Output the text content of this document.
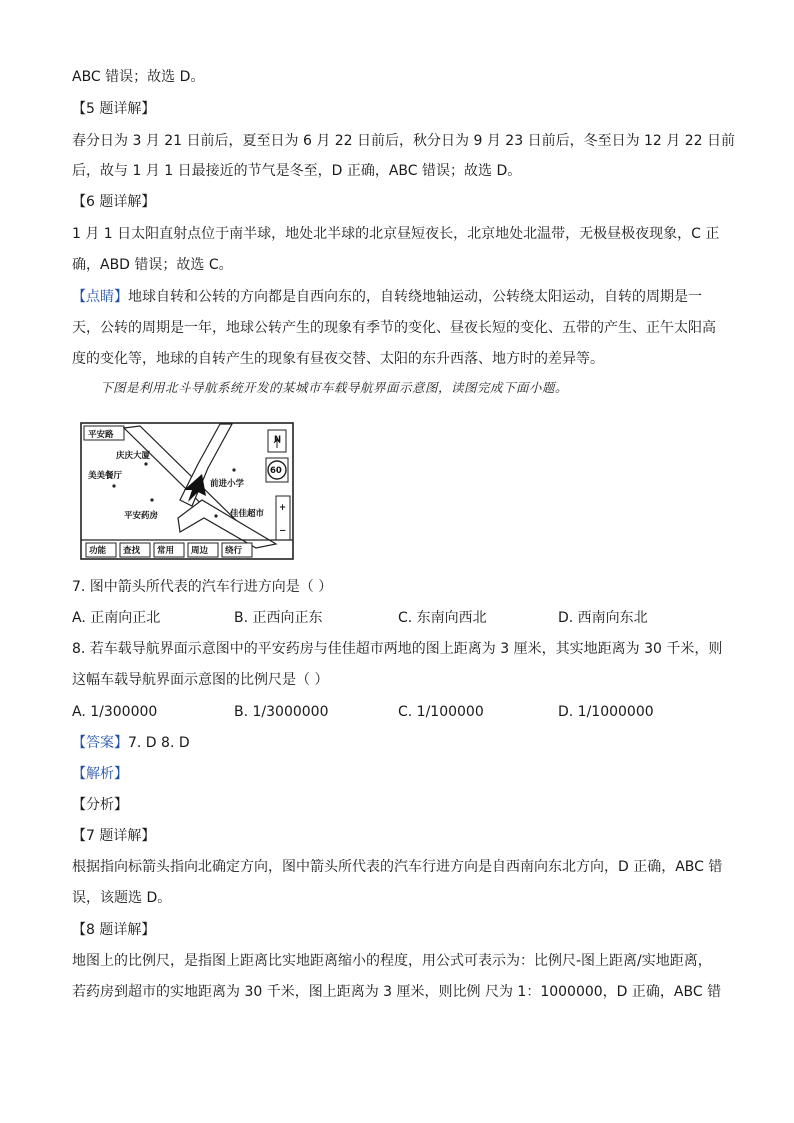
ABC 错误；故选 D。
【5 题详解】
春分日为 3 月 21 日前后，夏至日为 6 月 22 日前后，秋分日为 9 月 23 日前后，冬至日为 12 月 22 日前
后，故与 1 月 1 日最接近的节气是冬至，D 正确，ABC 错误；故选 D。
【6 题详解】
1 月 1 日太阳直射点位于南半球，地处北半球的北京昼短夜长，北京地处北温带，无极昼极夜现象，C 正
确，ABD 错误；故选 C。
【点睛】地球自转和公转的方向都是自西向东的，自转绕地轴运动，公转绕太阳运动，自转的周期是一
天，公转的周期是一年，地球公转产生的现象有季节的变化、昼夜长短的变化、五带的产生、正午太阳高
度的变化等，地球的自转产生的现象有昼夜交替、太阳的东升西落、地方时的差异等。
下图是利用北斗导航系统开发的某城市车载导航界面示意图，读图完成下面小题。
平安路
庆庆大厦
美美餐厅
前进小学
平安药房	佳佳超市
N
60
+
−
功能 查找 常用 周边 绕行
7. 图中箭头所代表的汽车行进方向是（ ）
A. 正南向正北	B. 正西向正东	C. 东南向西北	D. 西南向东北
8. 若车载导航界面示意图中的平安药房与佳佳超市两地的图上距离为 3 厘米，其实地距离为 30 千米，则
这幅车载导航界面示意图的比例尺是（ ）
A. 1/300000	B. 1/3000000	C. 1/100000	D. 1/1000000
【答案】7. D 8. D
【解析】
【分析】
【7 题详解】
根据指向标箭头指向北确定方向，图中箭头所代表的汽车行进方向是自西南向东北方向，D 正确，ABC 错
误，该题选 D。
【8 题详解】
地图上的比例尺，是指图上距离比实地距离缩小的程度，用公式可表示为：比例尺-图上距离/实地距离，
若药房到超市的实地距离为 30 千米，图上距离为 3 厘米，则比例 尺为 1：1000000，D 正确，ABC 错
